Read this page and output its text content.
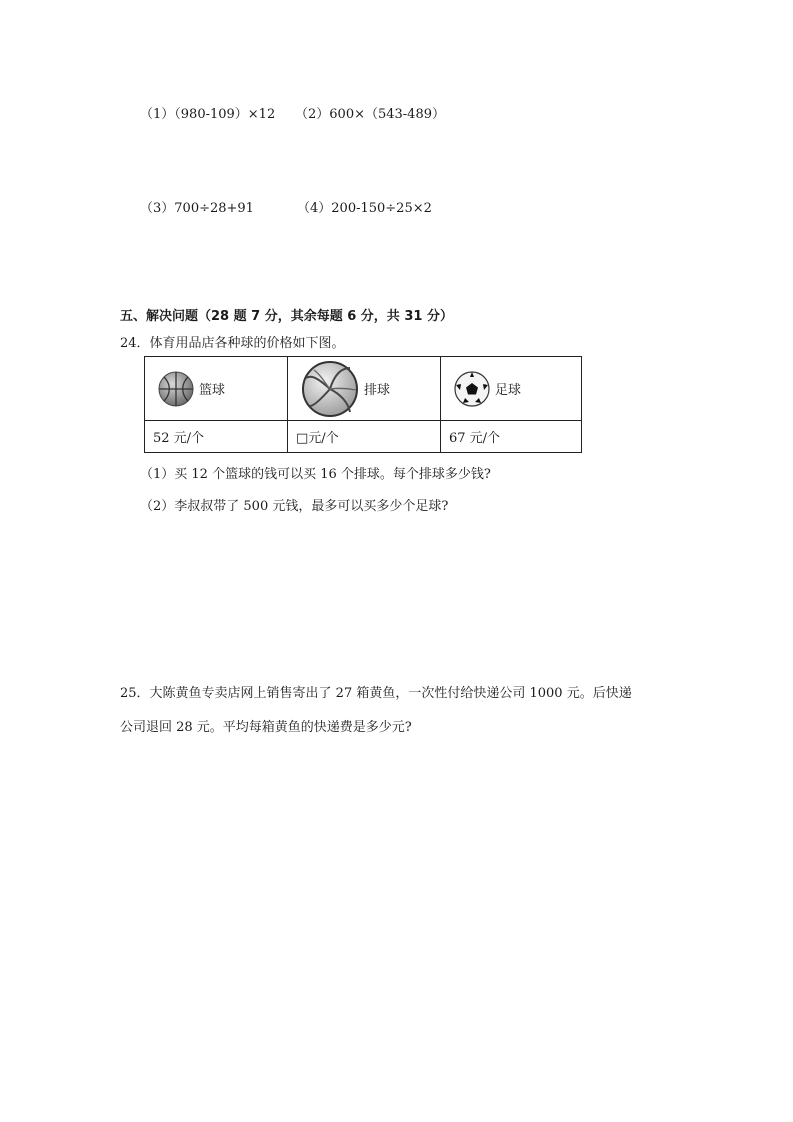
（1）（980-109）×12 （2）600×（543-489）
（3）700÷28+91	（4）200-150÷25×2
五、解决问题（28 题 7 分，其余每题 6 分，共 31 分）
24．体育用品店各种球的价格如下图。
篮球	排球	足球

52 元/个	□元/个	67 元/个
（1）买 12 个篮球的钱可以买 16 个排球。每个排球多少钱?
（2）李叔叔带了 500 元钱，最多可以买多少个足球?
25．大陈黄鱼专卖店网上销售寄出了 27 箱黄鱼，一次性付给快递公司 1000 元。后快递
公司退回 28 元。平均每箱黄鱼的快递费是多少元?
